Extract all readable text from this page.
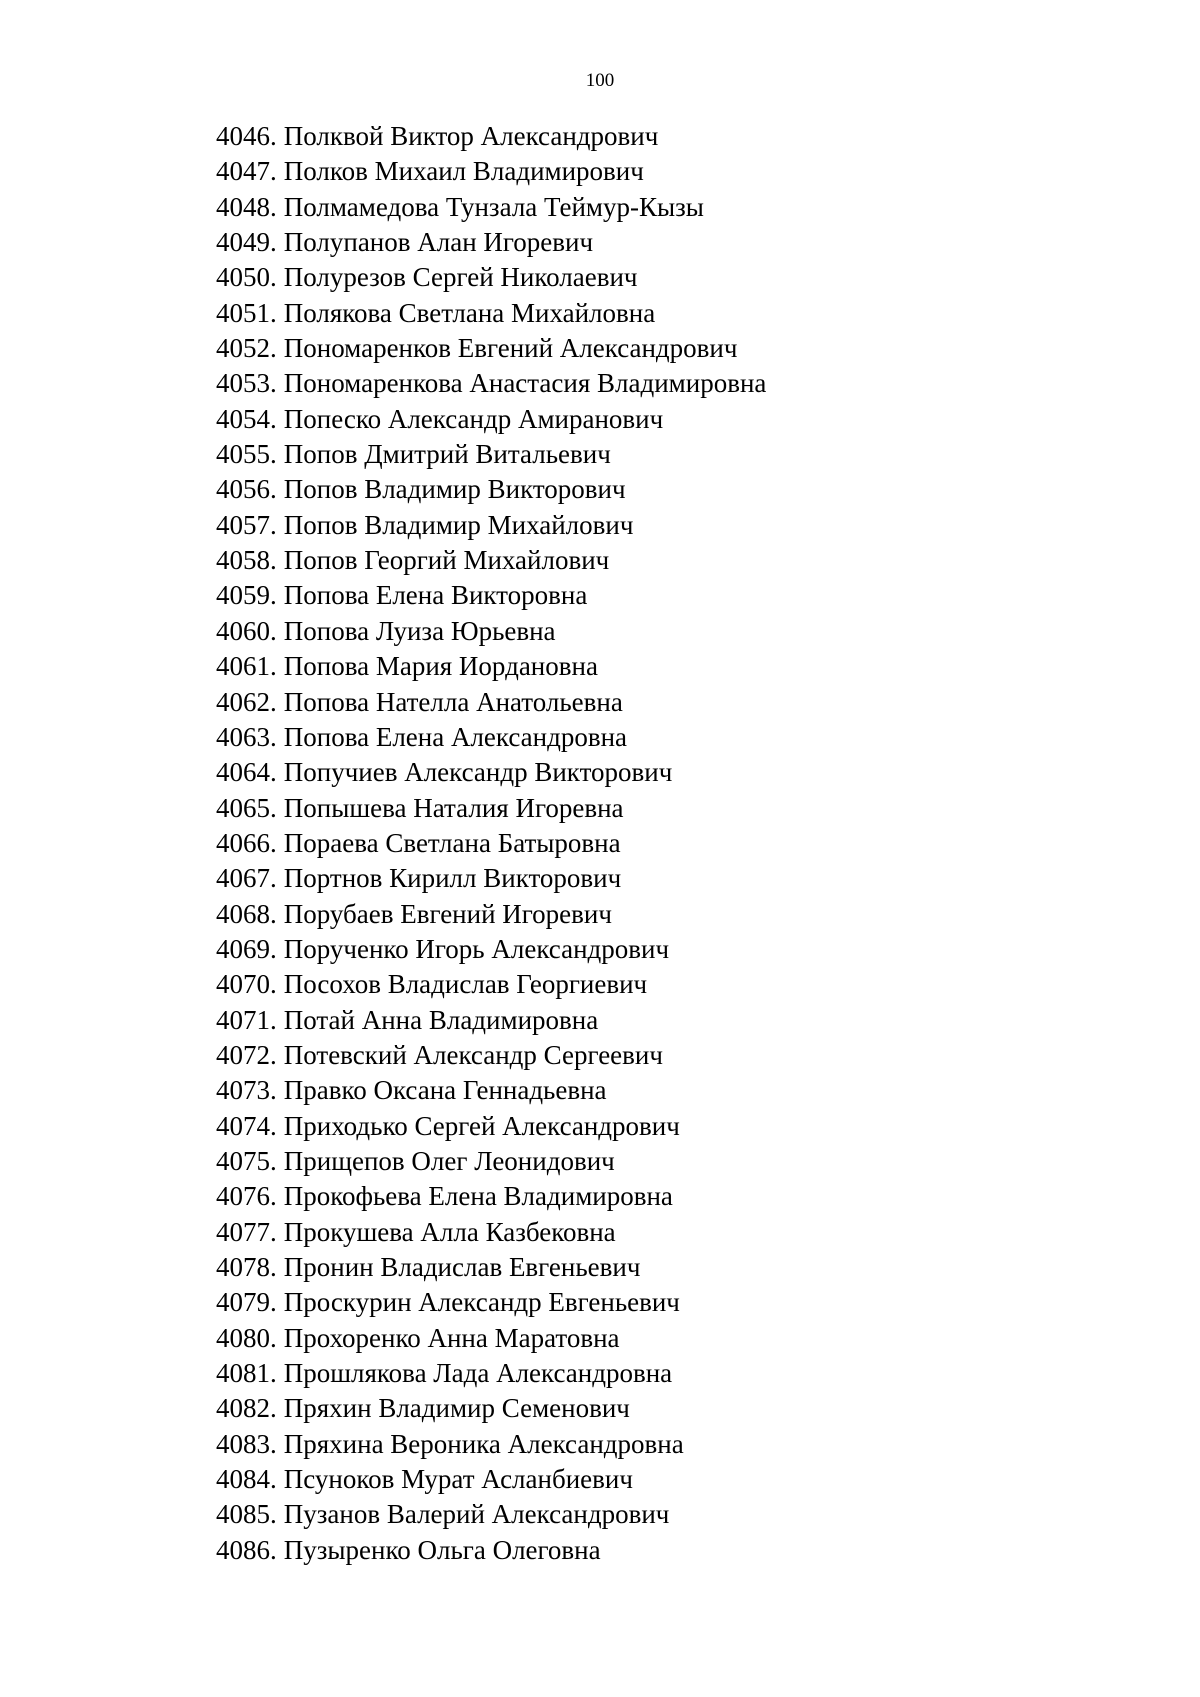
100
4046. Полквой Виктор Александрович
4047. Полков Михаил Владимирович
4048. Полмамедова Тунзала Теймур-Кызы
4049. Полупанов Алан Игоревич
4050. Полурезов Сергей Николаевич
4051. Полякова Светлана Михайловна
4052. Пономаренков Евгений Александрович
4053. Пономаренкова Анастасия Владимировна
4054. Попеско Александр Амиранович
4055. Попов Дмитрий Витальевич
4056. Попов Владимир Викторович
4057. Попов Владимир Михайлович
4058. Попов Георгий Михайлович
4059. Попова Елена Викторовна
4060. Попова Луиза Юрьевна
4061. Попова Мария Иордановна
4062. Попова Нателла Анатольевна
4063. Попова Елена Александровна
4064. Попучиев Александр Викторович
4065. Попышева Наталия Игоревна
4066. Пораева Светлана Батыровна
4067. Портнов Кирилл Викторович
4068. Порубаев Евгений Игоревич
4069. Порученко Игорь Александрович
4070. Посохов Владислав Георгиевич
4071. Потай Анна Владимировна
4072. Потевский Александр Сергеевич
4073. Правко Оксана Геннадьевна
4074. Приходько Сергей Александрович
4075. Прищепов Олег Леонидович
4076. Прокофьева Елена Владимировна
4077. Прокушева Алла Казбековна
4078. Пронин Владислав Евгеньевич
4079. Проскурин Александр Евгеньевич
4080. Прохоренко Анна Маратовна
4081. Прошлякова Лада Александровна
4082. Пряхин Владимир Семенович
4083. Пряхина Вероника Александровна
4084. Псуноков Мурат Асланбиевич
4085. Пузанов Валерий Александрович
4086. Пузыренко Ольга Олеговна
